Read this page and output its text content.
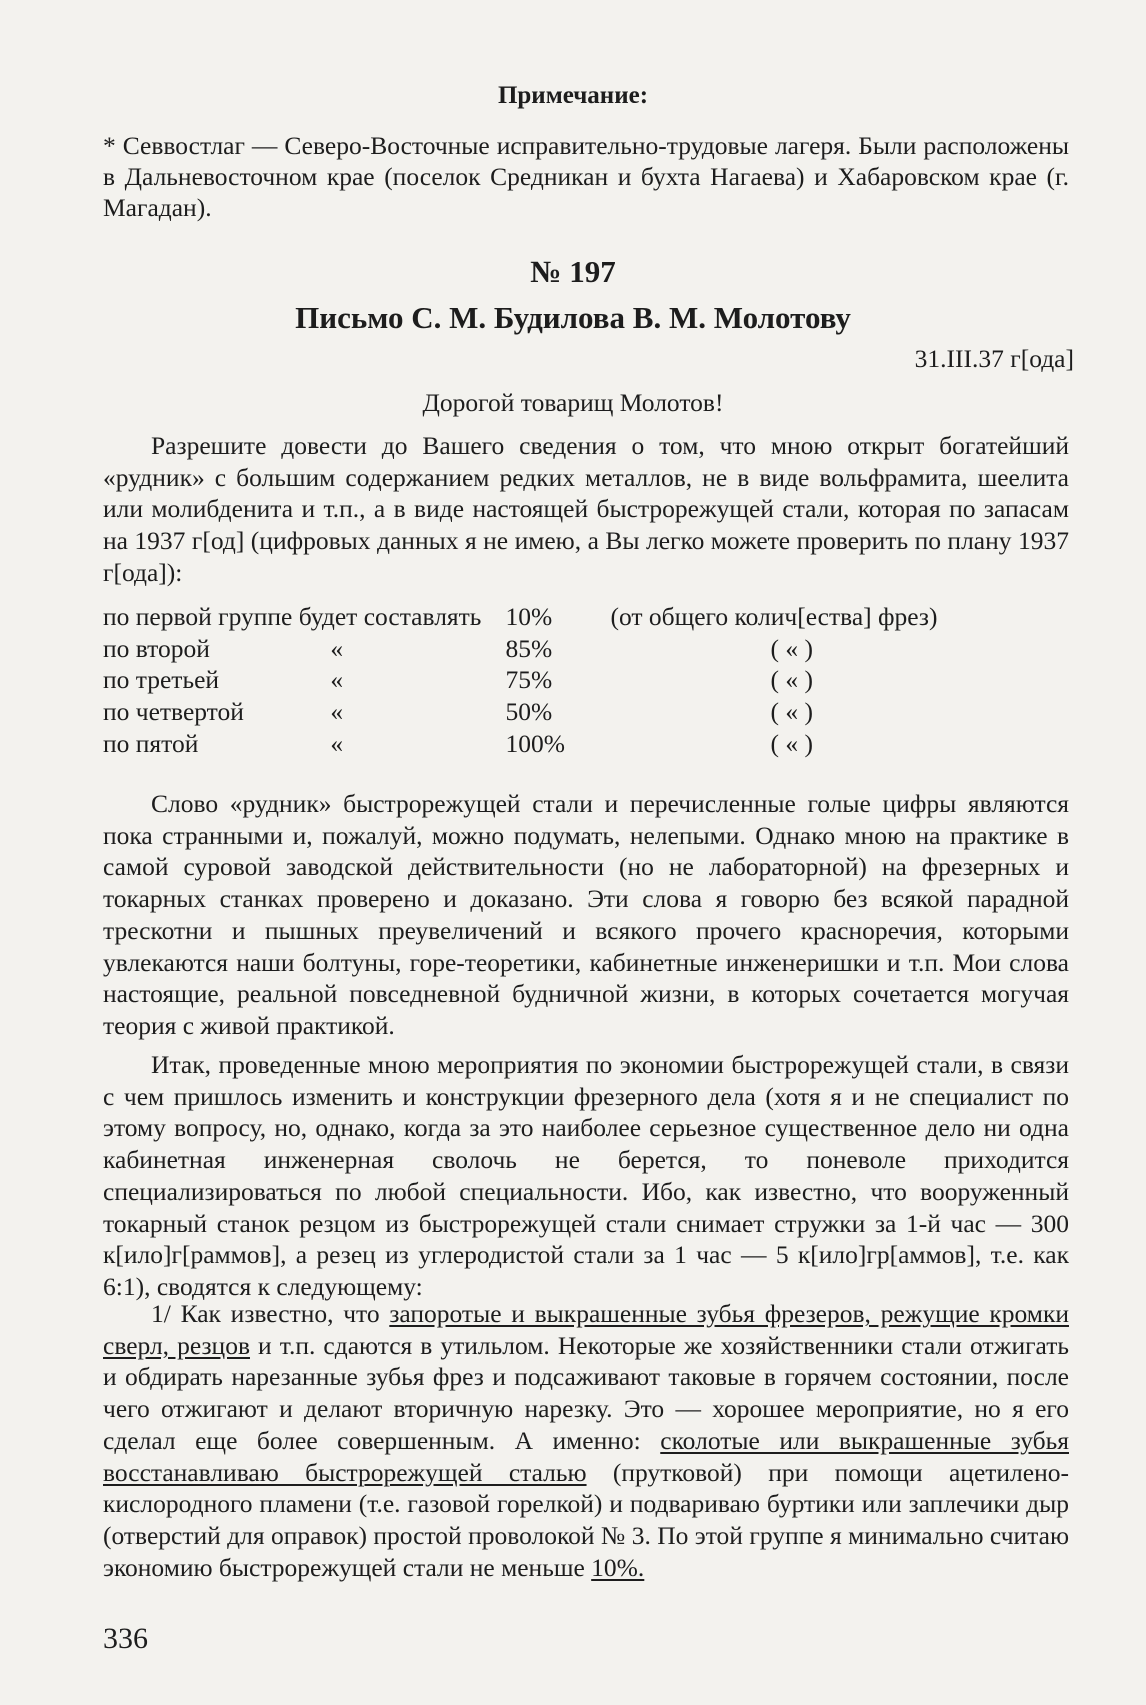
Примечание:
* Севвостлаг — Северо-Восточные исправительно-трудовые лагеря. Были расположены в Дальневосточном крае (поселок Средникан и бухта Нагаева) и Хабаровском крае (г. Магадан).
№ 197
Письмо С. М. Будилова В. М. Молотову
31.III.37 г[ода]
Дорогой товарищ Молотов!
Разрешите довести до Вашего сведения о том, что мною открыт богатейший «рудник» с большим содержанием редких металлов, не в виде вольфрамита, шеелита или молибденита и т.п., а в виде настоящей быстрорежущей стали, которая по запасам на 1937 г[од] (цифровых данных я не имею, а Вы легко можете проверить по плану 1937 г[ода]):
по первой группе будет составлять		10%	(от общего колич[ества] фрез)
по второй	«	85%	( « )
по третьей	«	75%	( « )
по четвертой	«	50%	( « )
по пятой	«	100%	( « )
Слово «рудник» быстрорежущей стали и перечисленные голые цифры являются пока странными и, пожалуй, можно подумать, нелепыми. Однако мною на практике в самой суровой заводской действительности (но не лабораторной) на фрезерных и токарных станках проверено и доказано. Эти слова я говорю без всякой парадной трескотни и пышных преувеличений и всякого прочего красноречия, которыми увлекаются наши болтуны, горе-теоретики, кабинетные инженеришки и т.п. Мои слова настоящие, реальной повседневной будничной жизни, в которых сочетается могучая теория с живой практикой.
Итак, проведенные мною мероприятия по экономии быстрорежущей стали, в связи с чем пришлось изменить и конструкции фрезерного дела (хотя я и не специалист по этому вопросу, но, однако, когда за это наиболее серьезное существенное дело ни одна кабинетная инженерная сволочь не берется, то поневоле приходится специализироваться по любой специальности. Ибо, как известно, что вооруженный токарный станок резцом из быстрорежущей стали снимает стружки за 1-й час — 300 к[ило]г[раммов], а резец из углеродистой стали за 1 час — 5 к[ило]гр[аммов], т.е. как 6:1), сводятся к следующему:
1/ Как известно, что запоротые и выкрашенные зубья фрезеров, режущие кромки сверл, резцов и т.п. сдаются в утильлом. Некоторые же хозяйственники стали отжигать и обдирать нарезанные зубья фрез и подсаживают таковые в горячем состоянии, после чего отжигают и делают вторичную нарезку. Это — хорошее мероприятие, но я его сделал еще более совершенным. А именно: сколотые или выкрашенные зубья восстанавливаю быстрорежущей сталью (прутковой) при помощи ацетилено-кислородного пламени (т.е. газовой горелкой) и подвариваю буртики или заплечики дыр (отверстий для оправок) простой проволокой № 3. По этой группе я минимально считаю экономию быстрорежущей стали не меньше 10%.
336
